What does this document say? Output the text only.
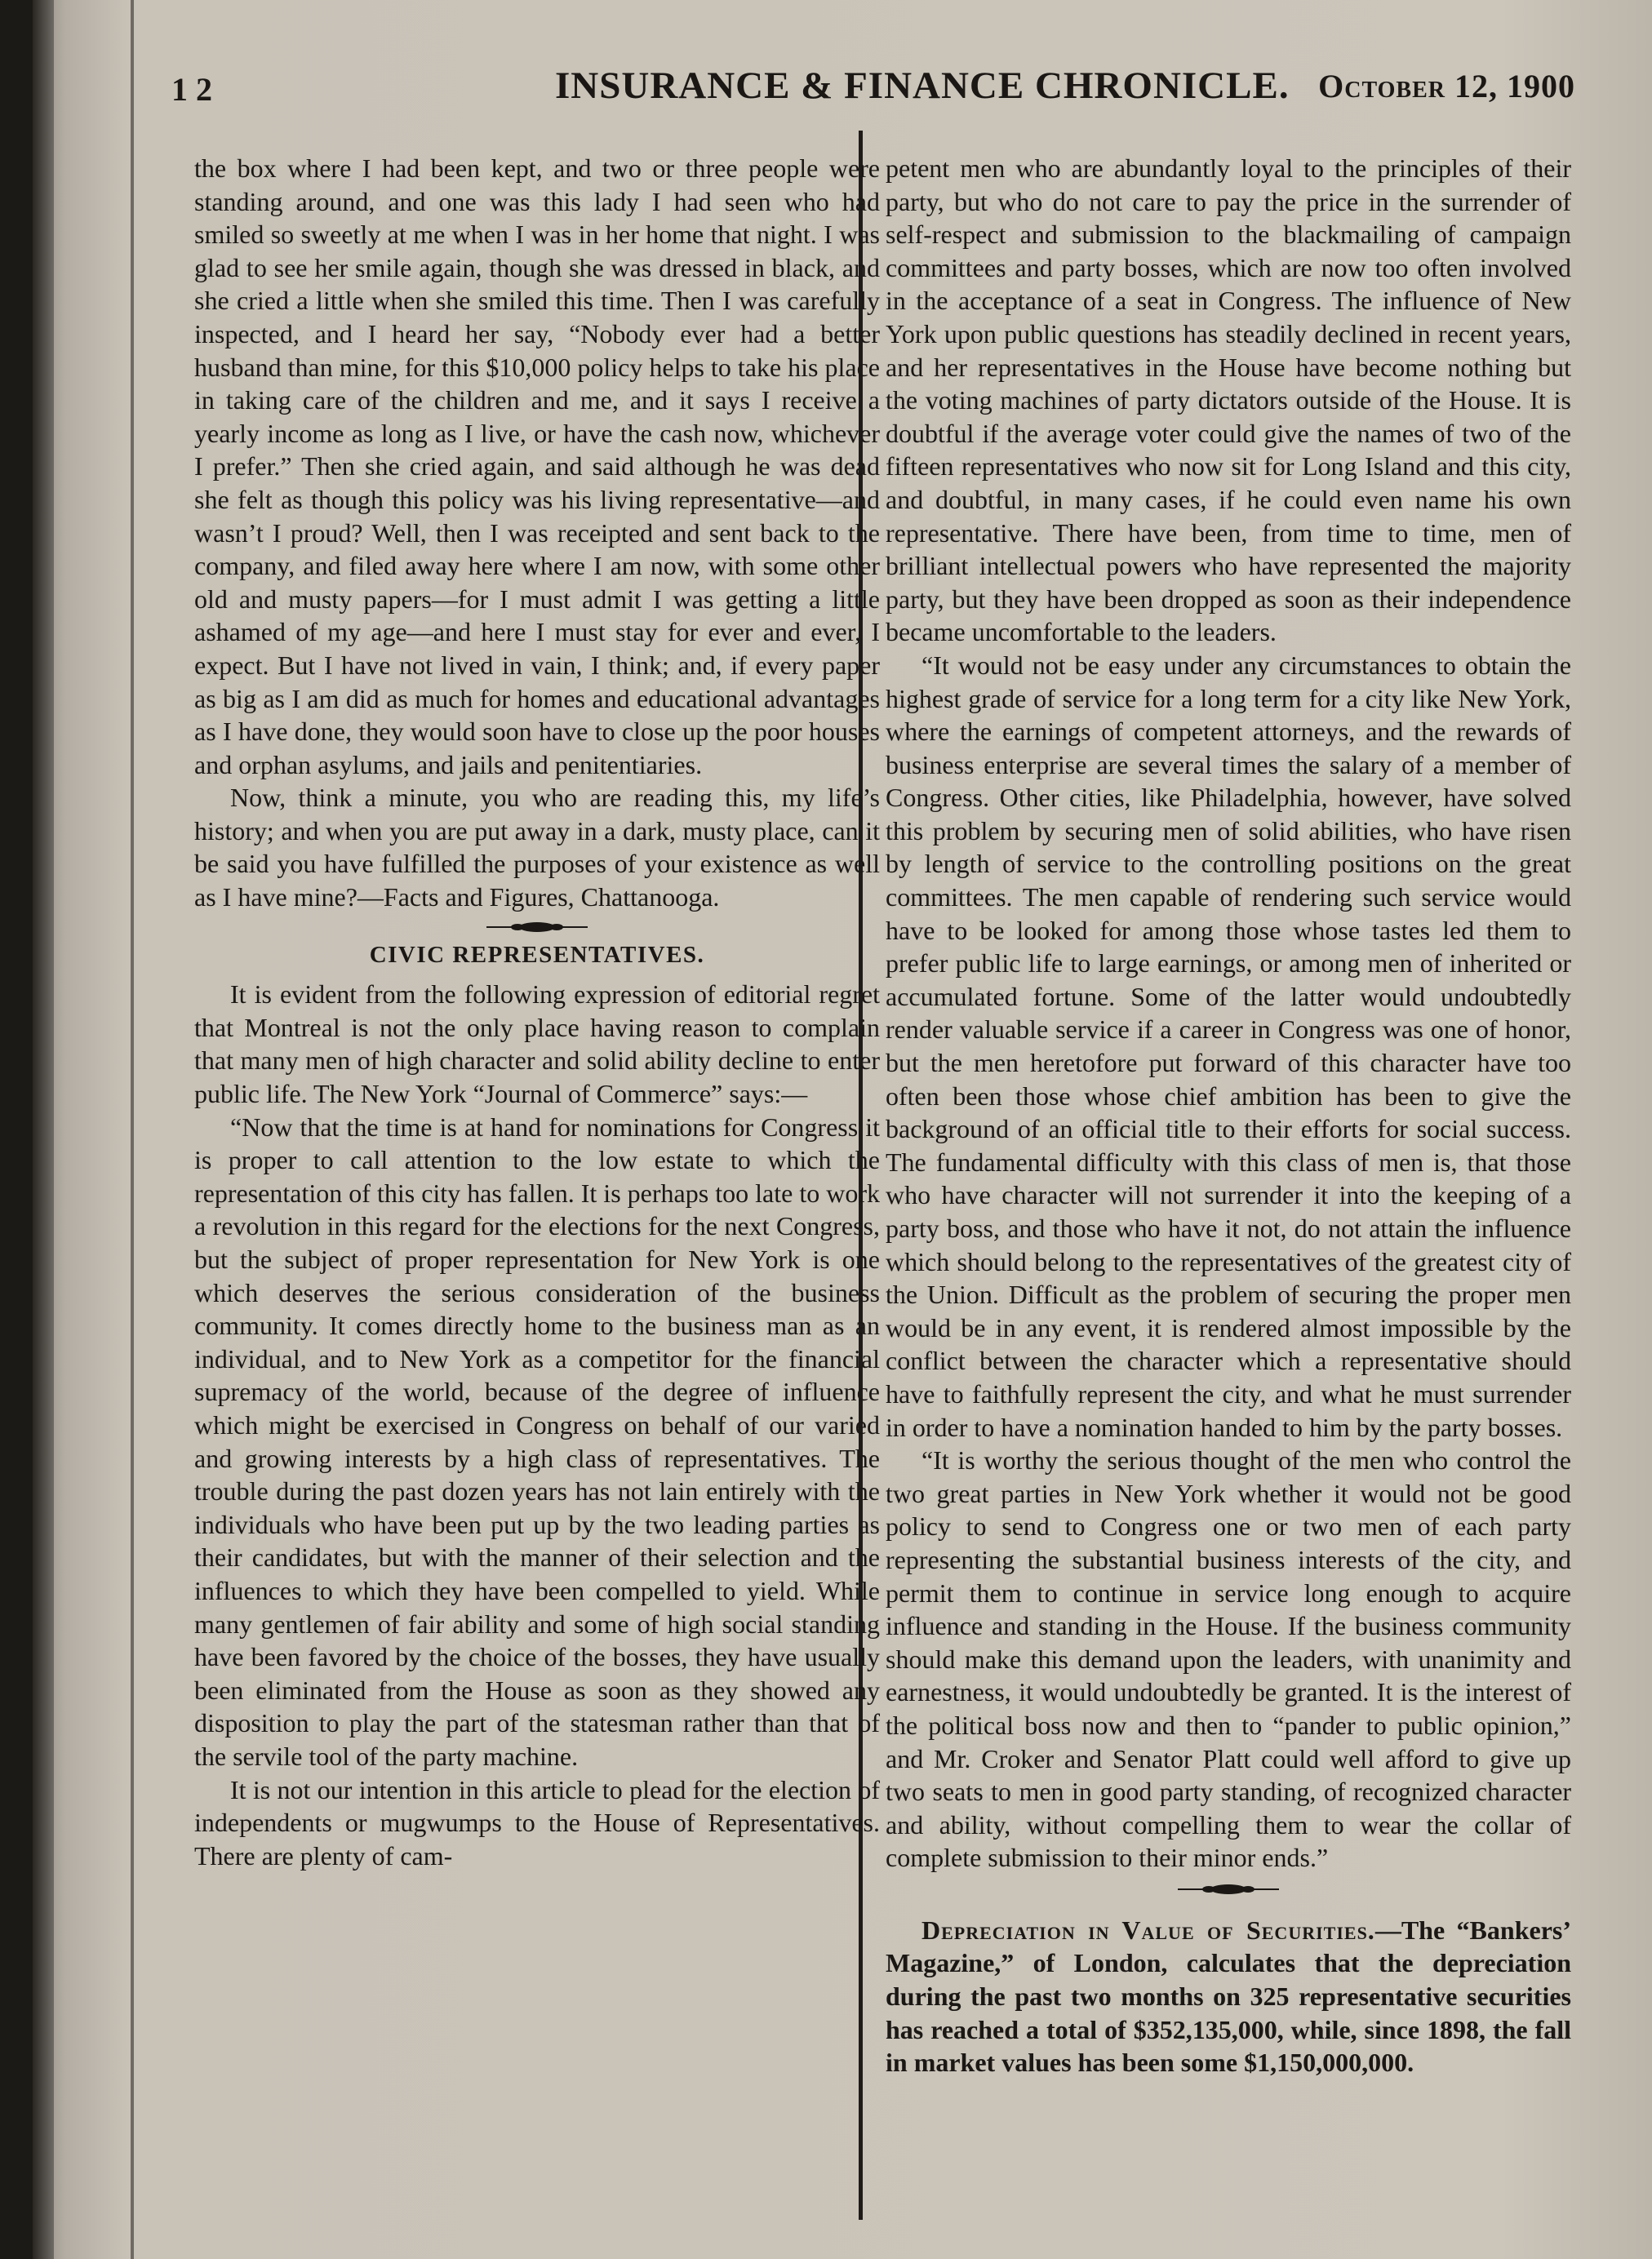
1 2	INSURANCE & FINANCE CHRONICLE. October 12, 1900

the box where I had been kept, and two or three people were standing around, and one was this lady I had seen who had smiled so sweetly at me when I was in her home that night. I was glad to see her smile again, though she was dressed in black, and she cried a little when she smiled this time. Then I was carefully inspected, and I heard her say, “Nobody ever had a better husband than mine, for this $10,000 policy helps to take his place in taking care of the children and me, and it says I receive a yearly income as long as I live, or have the cash now, whichever I prefer.” Then she cried again, and said although he was dead she felt as though this policy was his living representative—and wasn’t I proud? Well, then I was receipted and sent back to the company, and filed away here where I am now, with some other old and musty papers—for I must admit I was getting a little ashamed of my age—and here I must stay for ever and ever, I expect. But I have not lived in vain, I think; and, if every paper as big as I am did as much for homes and educational advantages as I have done, they would soon have to close up the poor houses and orphan asylums, and jails and penitentiaries.

Now, think a minute, you who are reading this, my life’s history; and when you are put away in a dark, musty place, can it be said you have fulfilled the purposes of your existence as well as I have mine?—Facts and Figures, Chattanooga.

CIVIC REPRESENTATIVES.

It is evident from the following expression of editorial regret that Montreal is not the only place having reason to complain that many men of high character and solid ability decline to enter public life. The New York “Journal of Commerce” says:—

“Now that the time is at hand for nominations for Congress it is proper to call attention to the low estate to which the representation of this city has fallen. It is perhaps too late to work a revolution in this regard for the elections for the next Congress, but the subject of proper representation for New York is one which deserves the serious consideration of the business community. It comes directly home to the business man as an individual, and to New York as a competitor for the financial supremacy of the world, because of the degree of influence which might be exercised in Congress on behalf of our varied and growing interests by a high class of representatives. The trouble during the past dozen years has not lain entirely with the individuals who have been put up by the two leading parties as their candidates, but with the manner of their selection and the influences to which they have been compelled to yield. While many gentlemen of fair ability and some of high social standing have been favored by the choice of the bosses, they have usually been eliminated from the House as soon as they showed any disposition to play the part of the statesman rather than that of the servile tool of the party machine.

It is not our intention in this article to plead for the election of independents or mugwumps to the House of Representatives. There are plenty of cam-

petent men who are abundantly loyal to the principles of their party, but who do not care to pay the price in the surrender of self-respect and submission to the blackmailing of campaign committees and party bosses, which are now too often involved in the acceptance of a seat in Congress. The influence of New York upon public questions has steadily declined in recent years, and her representatives in the House have become nothing but the voting machines of party dictators outside of the House. It is doubtful if the average voter could give the names of two of the fifteen representatives who now sit for Long Island and this city, and doubtful, in many cases, if he could even name his own representative. There have been, from time to time, men of brilliant intellectual powers who have represented the majority party, but they have been dropped as soon as their independence became uncomfortable to the leaders.

“It would not be easy under any circumstances to obtain the highest grade of service for a long term for a city like New York, where the earnings of competent attorneys, and the rewards of business enterprise are several times the salary of a member of Congress. Other cities, like Philadelphia, however, have solved this problem by securing men of solid abilities, who have risen by length of service to the controlling positions on the great committees. The men capable of rendering such service would have to be looked for among those whose tastes led them to prefer public life to large earnings, or among men of inherited or accumulated fortune. Some of the latter would undoubtedly render valuable service if a career in Congress was one of honor, but the men heretofore put forward of this character have too often been those whose chief ambition has been to give the background of an official title to their efforts for social success. The fundamental difficulty with this class of men is, that those who have character will not surrender it into the keeping of a party boss, and those who have it not, do not attain the influence which should belong to the representatives of the greatest city of the Union. Difficult as the problem of securing the proper men would be in any event, it is rendered almost impossible by the conflict between the character which a representative should have to faithfully represent the city, and what he must surrender in order to have a nomination handed to him by the party bosses.

“It is worthy the serious thought of the men who control the two great parties in New York whether it would not be good policy to send to Congress one or two men of each party representing the substantial business interests of the city, and permit them to continue in service long enough to acquire influence and standing in the House. If the business community should make this demand upon the leaders, with unanimity and earnestness, it would undoubtedly be granted. It is the interest of the political boss now and then to “pander to public opinion,” and Mr. Croker and Senator Platt could well afford to give up two seats to men in good party standing, of recognized character and ability, without compelling them to wear the collar of complete submission to their minor ends.”

Depreciation in Value of Securities.—The “Bankers’ Magazine,” of London, calculates that the depreciation during the past two months on 325 representative securities has reached a total of $352,135,000, while, since 1898, the fall in market values has been some $1,150,000,000.
